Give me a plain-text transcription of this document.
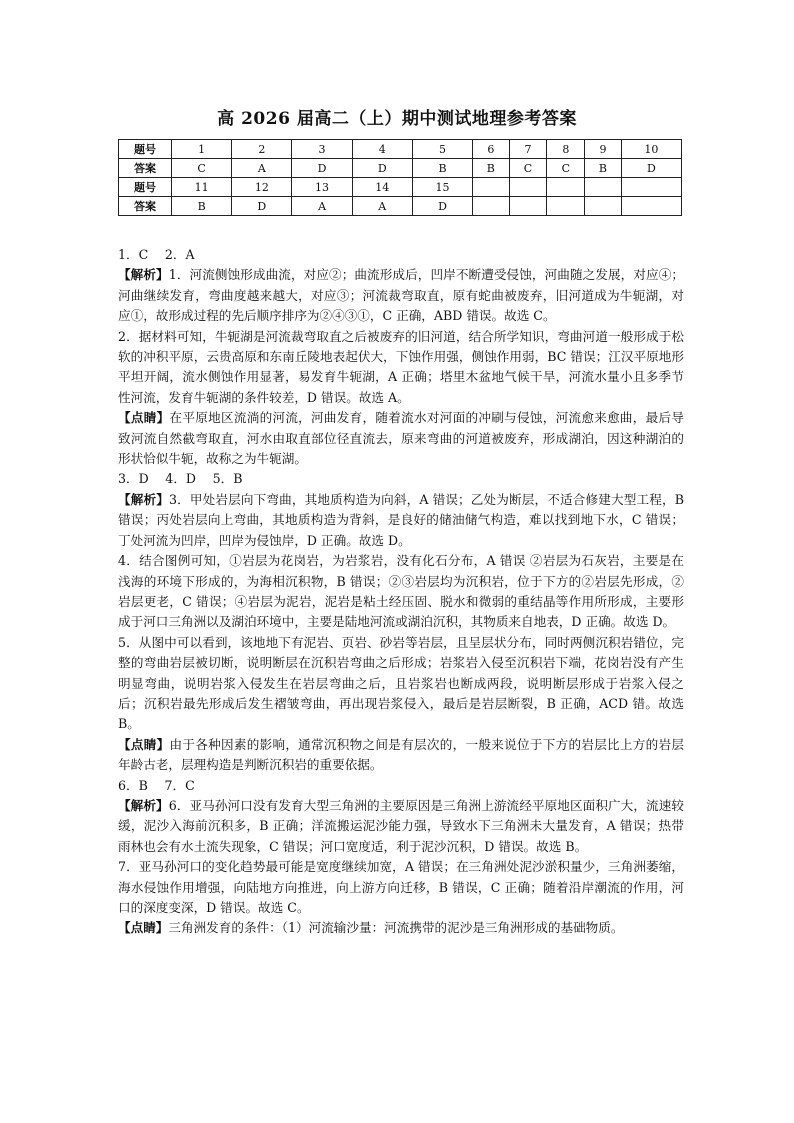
高 2026 届高二（上）期中测试地理参考答案
题号	1	2	3	4	5	6	7	8	9	10
答案	C	A	D	D	B	B	C	C	B	D
题号	11	12	13	14	15					
答案	B	D	A	A	D					

1．C　 2．A

【解析】1．河流侧蚀形成曲流，对应②；曲流形成后，凹岸不断遭受侵蚀，河曲随之发展，对应④；河曲继续发育，弯曲度越来越大，对应③；河流裁弯取直，原有蛇曲被废弃，旧河道成为牛轭湖，对应①，故形成过程的先后顺序排序为②④③①，C 正确，ABD 错误。故选 C。

2．据材料可知，牛轭湖是河流裁弯取直之后被废弃的旧河道，结合所学知识，弯曲河道一般形成于松软的冲积平原，云贵高原和东南丘陵地表起伏大，下蚀作用强，侧蚀作用弱，BC 错误；江汉平原地形平坦开阔，流水侧蚀作用显著，易发育牛轭湖，A 正确；塔里木盆地气候干旱，河流水量小且多季节性河流，发育牛轭湖的条件较差，D 错误。故选 A。

【点睛】在平原地区流淌的河流，河曲发育，随着流水对河面的冲刷与侵蚀，河流愈来愈曲，最后导致河流自然截弯取直，河水由取直部位径直流去，原来弯曲的河道被废弃，形成湖泊，因这种湖泊的形状恰似牛轭，故称之为牛轭湖。

3．D　 4．D　 5．B

【解析】3．甲处岩层向下弯曲，其地质构造为向斜，A 错误；乙处为断层，不适合修建大型工程，B 错误；丙处岩层向上弯曲，其地质构造为背斜，是良好的储油储气构造，难以找到地下水，C 错误；丁处河流为凹岸，凹岸为侵蚀岸，D 正确。故选 D。

4．结合图例可知，①岩层为花岗岩，为岩浆岩，没有化石分布，A 错误 ②岩层为石灰岩，主要是在浅海的环境下形成的，为海相沉积物，B 错误；②③岩层均为沉积岩，位于下方的②岩层先形成，②岩层更老，C 错误；④岩层为泥岩，泥岩是粘土经压固、脱水和微弱的重结晶等作用所形成，主要形成于河口三角洲以及湖泊环境中，主要是陆地河流或湖泊沉积，其物质来自地表，D 正确。故选 D。

5．从图中可以看到，该地地下有泥岩、页岩、砂岩等岩层，且呈层状分布，同时两侧沉积岩错位，完整的弯曲岩层被切断，说明断层在沉积岩弯曲之后形成；岩浆岩入侵至沉积岩下端，花岗岩没有产生明显弯曲，说明岩浆入侵发生在岩层弯曲之后，且岩浆岩也断成两段，说明断层形成于岩浆入侵之后；沉积岩最先形成后发生褶皱弯曲，再出现岩浆侵入，最后是岩层断裂，B 正确，ACD 错。故选 B。

【点睛】由于各种因素的影响，通常沉积物之间是有层次的，一般来说位于下方的岩层比上方的岩层年龄古老，层理构造是判断沉积岩的重要依据。

6．B　 7．C

【解析】6．亚马孙河口没有发育大型三角洲的主要原因是三角洲上游流经平原地区面积广大，流速较缓，泥沙入海前沉积多，B 正确；洋流搬运泥沙能力强，导致水下三角洲未大量发育，A 错误；热带雨林也会有水土流失现象，C 错误；河口宽度适，利于泥沙沉积，D 错误。故选 B。

7．亚马孙河口的变化趋势最可能是宽度继续加宽，A 错误；在三角洲处泥沙淤积量少，三角洲萎缩，海水侵蚀作用增强，向陆地方向推进，向上游方向迁移，B 错误，C 正确；随着沿岸潮流的作用，河口的深度变深，D 错误。故选 C。

【点睛】三角洲发育的条件：（1）河流输沙量：河流携带的泥沙是三角洲形成的基础物质。
